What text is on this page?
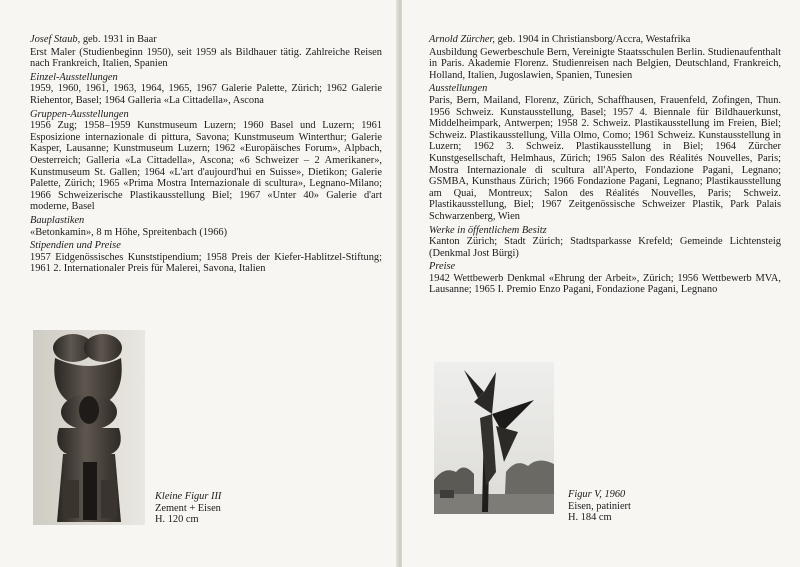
Josef Staub, geb. 1931 in Baar

Erst Maler (Studienbeginn 1950), seit 1959 als Bildhauer tätig. Zahlreiche Reisen nach Frankreich, Italien, Spanien

Einzel-Ausstellungen

1959, 1960, 1961, 1963, 1964, 1965, 1967 Galerie Palette, Zürich; 1962 Galerie Riehentor, Basel; 1964 Galleria «La Cittadella», Ascona

Gruppen-Ausstellungen

1956 Zug; 1958–1959 Kunstmuseum Luzern; 1960 Basel und Luzern; 1961 Esposizione internazionale di pittura, Savona; Kunstmuseum Winterthur; Galerie Kasper, Lausanne; Kunstmuseum Luzern; 1962 «Europäisches Forum», Alpbach, Oesterreich; Galleria «La Cittadella», Ascona; «6 Schweizer – 2 Amerikaner», Kunstmuseum St. Gallen; 1964 «L'art d'aujourd'hui en Suisse», Dietikon; Galerie Palette, Zürich; 1965 «Prima Mostra Internazionale di scultura», Legnano-Milano; 1966 Schweizerische Plastikausstellung Biel; 1967 «Unter 40» Galerie d'art moderne, Basel

Bauplastiken

«Betonkamin», 8 m Höhe, Spreitenbach (1966)

Stipendien und Preise

1957 Eidgenössisches Kunststipendium; 1958 Preis der Kiefer-Hablitzel-Stiftung; 1961 2. Internationaler Preis für Malerei, Savona, Italien

Kleine Figur III
Zement + Eisen
H. 120 cm

Arnold Zürcher, geb. 1904 in Christiansborg/Accra, Westafrika

Ausbildung Gewerbeschule Bern, Vereinigte Staatsschulen Berlin. Studienaufenthalt in Paris. Akademie Florenz. Studienreisen nach Belgien, Deutschland, Frankreich, Holland, Italien, Jugoslawien, Spanien, Tunesien

Ausstellungen

Paris, Bern, Mailand, Florenz, Zürich, Schaffhausen, Frauenfeld, Zofingen, Thun. 1956 Schweiz. Kunstausstellung, Basel; 1957 4. Biennale für Bildhauerkunst, Middelheimpark, Antwerpen; 1958 2. Schweiz. Plastikausstellung im Freien, Biel; Schweiz. Plastikausstellung, Villa Olmo, Como; 1961 Schweiz. Kunstausstellung in Luzern; 1962 3. Schweiz. Plastikausstellung in Biel; 1964 Zürcher Kunstgesellschaft, Helmhaus, Zürich; 1965 Salon des Réalités Nouvelles, Paris; Mostra Internazionale di scultura all'Aperto, Fondazione Pagani, Legnano; GSMBA, Kunsthaus Zürich; 1966 Fondazione Pagani, Legnano; Plastikausstellung am Quai, Montreux; Salon des Réalités Nouvelles, Paris; Schweiz. Plastikausstellung, Biel; 1967 Zeitgenössische Schweizer Plastik, Park Palais Schwarzenberg, Wien

Werke in öffentlichem Besitz

Kanton Zürich; Stadt Zürich; Stadtsparkasse Krefeld; Gemeinde Lichtensteig (Denkmal Jost Bürgi)

Preise

1942 Wettbewerb Denkmal «Ehrung der Arbeit», Zürich; 1956 Wettbewerb MVA, Lausanne; 1965 I. Premio Enzo Pagani, Fondazione Pagani, Legnano

Figur V, 1960
Eisen, patiniert
H. 184 cm
